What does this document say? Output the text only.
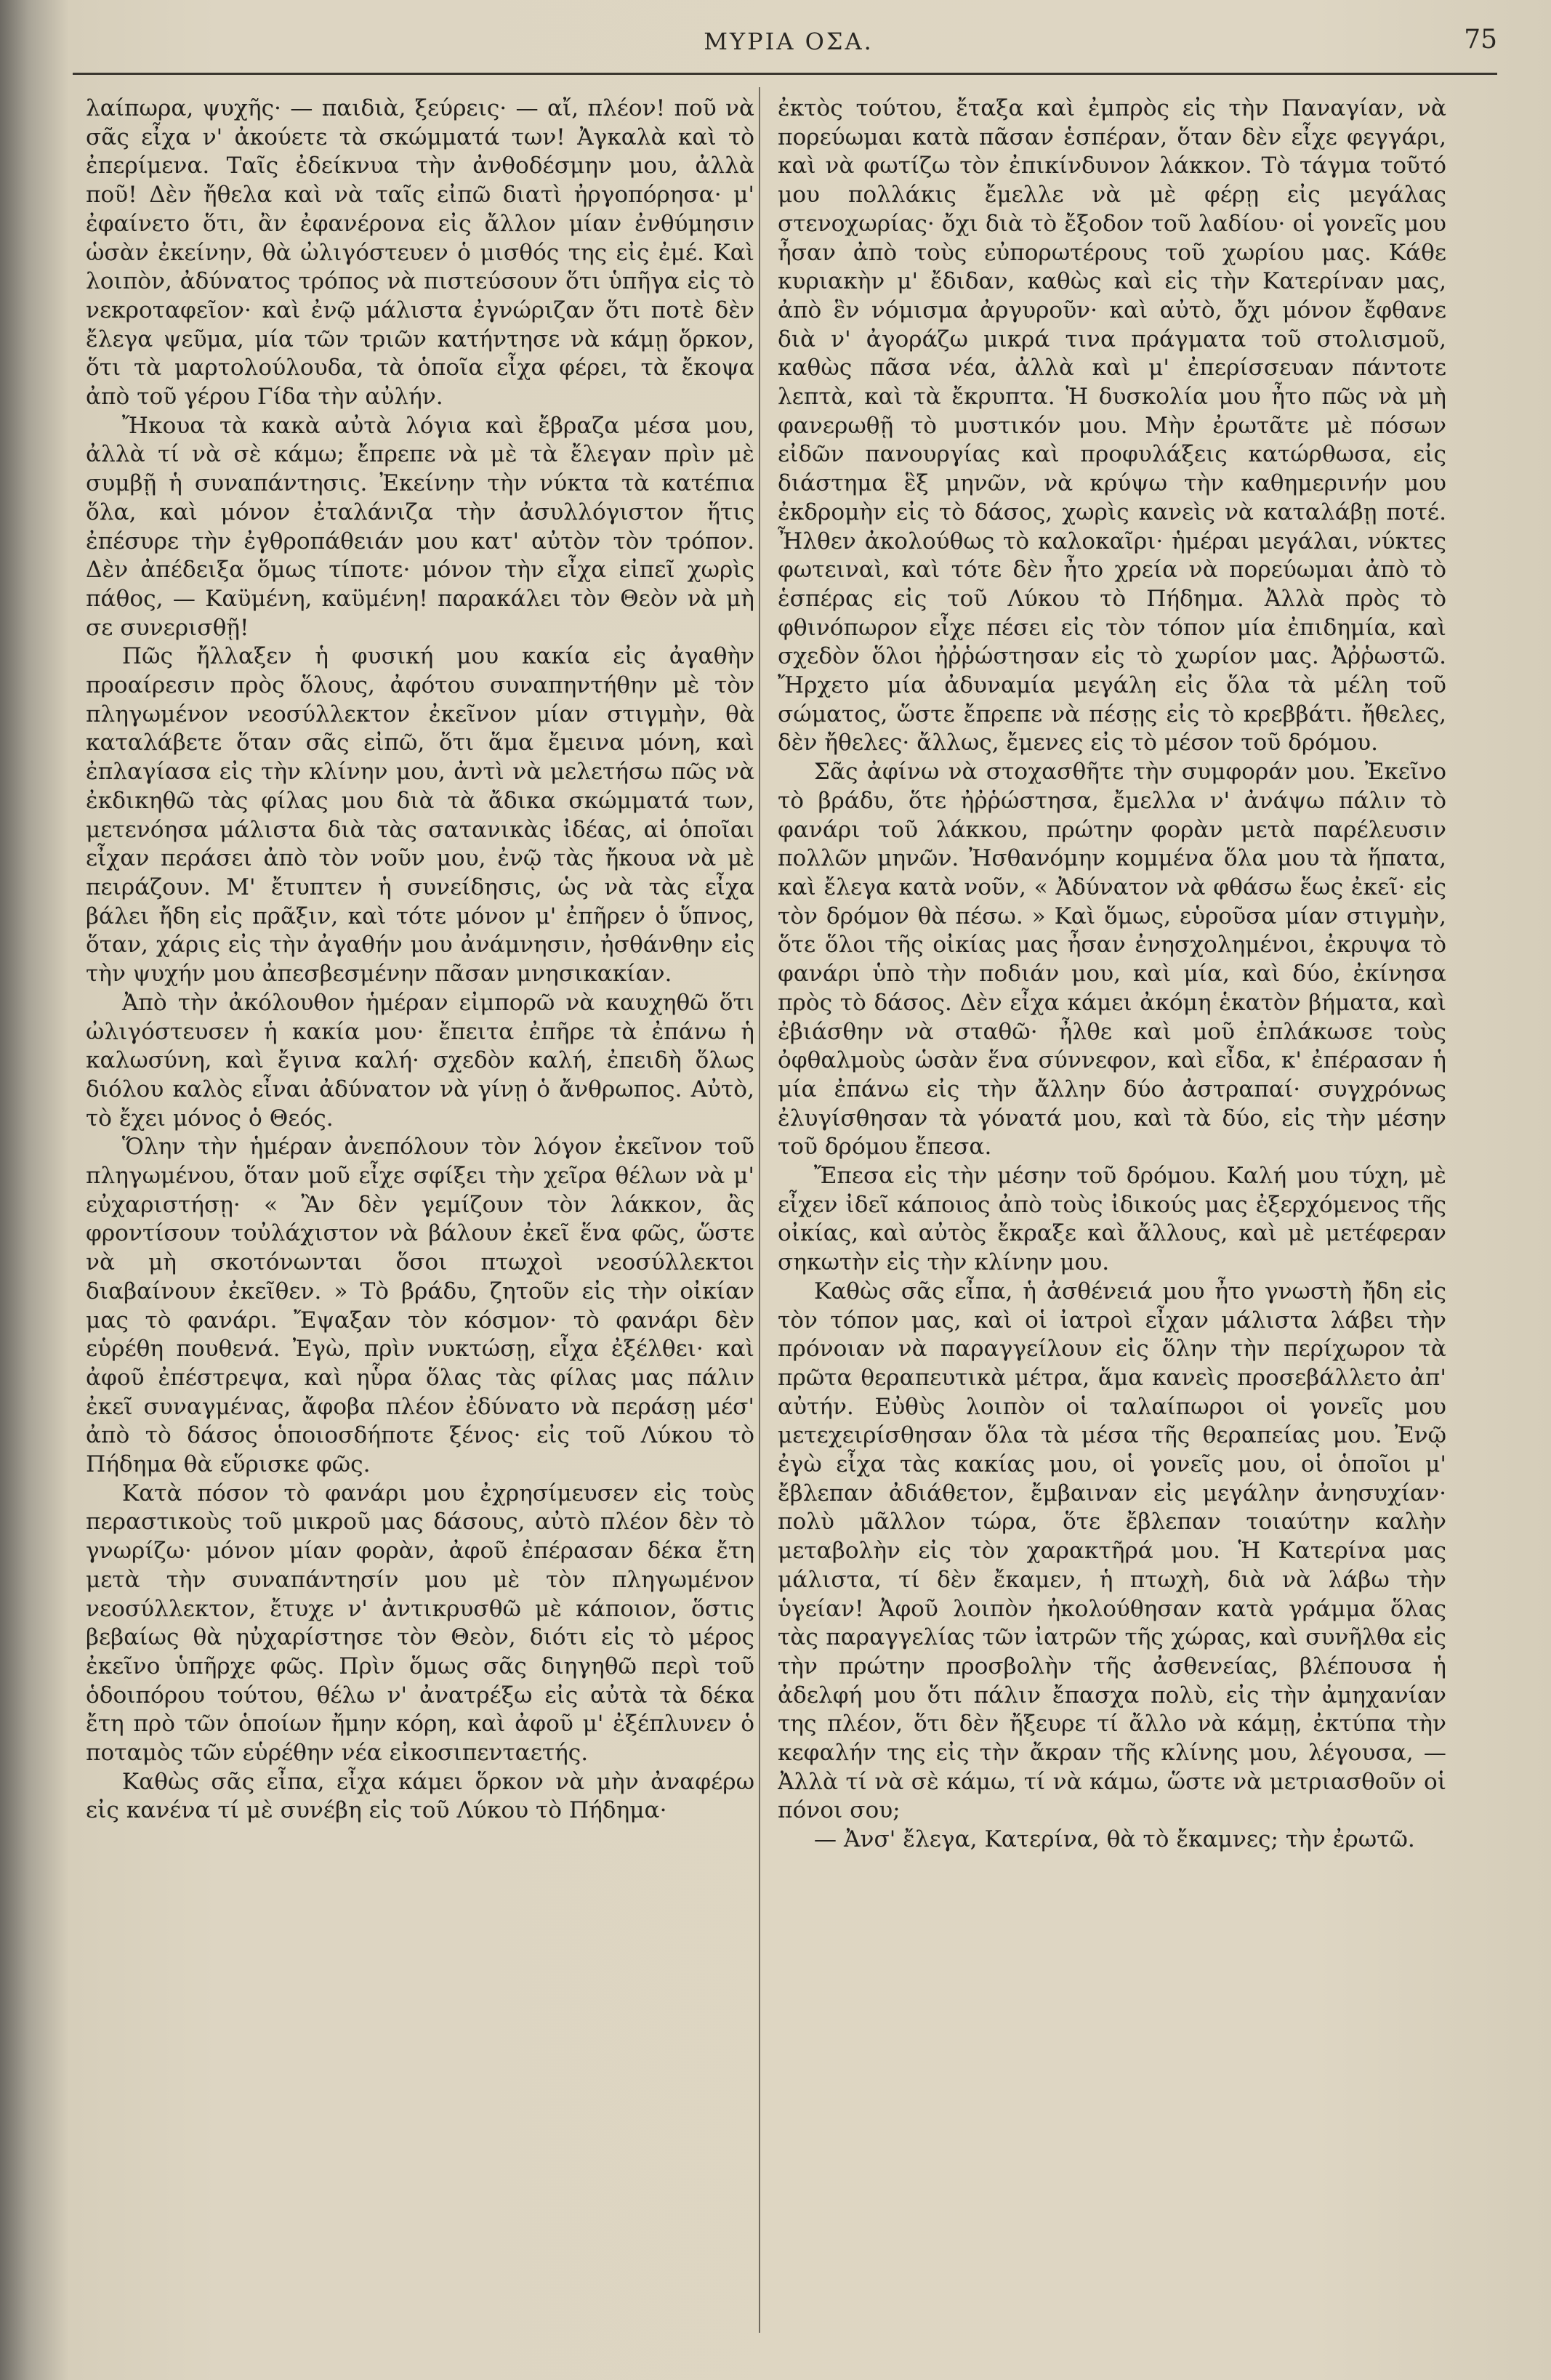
ΜΥΡΙΑ ΟΣΑ.	75

λαίπωρα, ψυχῆς· — παιδιὰ, ξεύρεις· — αἴ, πλέον! ποῦ νὰ σᾶς εἶχα ν' ἀκούετε τὰ σκώμματά των! Ἀγκαλὰ καὶ τὸ ἐπερίμενα. Ταῖς ἐδείκνυα τὴν ἀνθοδέσμην μου, ἀλλὰ ποῦ! Δὲν ἤθελα καὶ νὰ ταῖς εἰπῶ διατὶ ἠργοπόρησα· μ' ἐφαίνετο ὅτι, ἂν ἐφανέρονα εἰς ἄλλον μίαν ἐνθύμησιν ὡσὰν ἐκείνην, θὰ ὠλιγόστευεν ὁ μισθός της εἰς ἐμέ. Καὶ λοιπὸν, ἀδύνατος τρόπος νὰ πιστεύσουν ὅτι ὑπῆγα εἰς τὸ νεκροταφεῖον· καὶ ἐνῷ μάλιστα ἐγνώριζαν ὅτι ποτὲ δὲν ἔλεγα ψεῦμα, μία τῶν τριῶν κατήντησε νὰ κάμῃ ὅρκον, ὅτι τὰ μαρτολούλουδα, τὰ ὁποῖα εἶχα φέρει, τὰ ἔκοψα ἀπὸ τοῦ γέρου Γίδα τὴν αὐλήν.

Ἤκουα τὰ κακὰ αὐτὰ λόγια καὶ ἔβραζα μέσα μου, ἀλλὰ τί νὰ σὲ κάμω; ἔπρεπε νὰ μὲ τὰ ἔλεγαν πρὶν μὲ συμβῇ ἡ συναπάντησις. Ἐκείνην τὴν νύκτα τὰ κατέπια ὅλα, καὶ μόνον ἐταλάνιζα τὴν ἀσυλλόγιστον ἥτις ἐπέσυρε τὴν ἐγθροπάθειάν μου κατ' αὐτὸν τὸν τρόπον. Δὲν ἀπέδειξα ὅμως τίποτε· μόνον τὴν εἶχα εἰπεῖ χωρὶς πάθος, — Καϋμένη, καϋμένη! παρακάλει τὸν Θεὸν νὰ μὴ σε συνερισθῇ!

Πῶς ἤλλαξεν ἡ φυσική μου κακία εἰς ἀγαθὴν προαίρεσιν πρὸς ὅλους, ἀφότου συναπηντήθην μὲ τὸν πληγωμένον νεοσύλλεκτον ἐκεῖνον μίαν στιγμὴν, θὰ καταλάβετε ὅταν σᾶς εἰπῶ, ὅτι ἅμα ἔμεινα μόνη, καὶ ἐπλαγίασα εἰς τὴν κλίνην μου, ἀντὶ νὰ μελετήσω πῶς νὰ ἐκδικηθῶ τὰς φίλας μου διὰ τὰ ἄδικα σκώμματά των, μετενόησα μάλιστα διὰ τὰς σατανικὰς ἰδέας, αἱ ὁποῖαι εἶχαν περάσει ἀπὸ τὸν νοῦν μου, ἐνῷ τὰς ἤκουα νὰ μὲ πειράζουν. Μ' ἔτυπτεν ἡ συνείδησις, ὡς νὰ τὰς εἶχα βάλει ἤδη εἰς πρᾶξιν, καὶ τότε μόνον μ' ἐπῆρεν ὁ ὕπνος, ὅταν, χάρις εἰς τὴν ἀγαθήν μου ἀνάμνησιν, ἠσθάνθην εἰς τὴν ψυχήν μου ἀπεσβεσμένην πᾶσαν μνησικακίαν.

Ἀπὸ τὴν ἀκόλουθον ἡμέραν εἰμπορῶ νὰ καυχηθῶ ὅτι ὠλιγόστευσεν ἡ κακία μου· ἔπειτα ἐπῆρε τὰ ἐπάνω ἡ καλωσύνη, καὶ ἔγινα καλή· σχεδὸν καλή, ἐπειδὴ ὅλως διόλου καλὸς εἶναι ἀδύνατον νὰ γίνῃ ὁ ἄνθρωπος. Αὐτὸ, τὸ ἔχει μόνος ὁ Θεός.

Ὅλην τὴν ἡμέραν ἀνεπόλουν τὸν λόγον ἐκεῖνον τοῦ πληγωμένου, ὅταν μοῦ εἶχε σφίξει τὴν χεῖρα θέλων νὰ μ' εὐχαριστήσῃ· « Ἂν δὲν γεμίζουν τὸν λάκκον, ἂς φροντίσουν τοὐλάχιστον νὰ βάλουν ἐκεῖ ἕνα φῶς, ὥστε νὰ μὴ σκοτόνωνται ὅσοι πτωχοὶ νεοσύλλεκτοι διαβαίνουν ἐκεῖθεν. » Τὸ βράδυ, ζητοῦν εἰς τὴν οἰκίαν μας τὸ φανάρι. Ἔψαξαν τὸν κόσμον· τὸ φανάρι δὲν εὑρέθη πουθενά. Ἐγὼ, πρὶν νυκτώσῃ, εἶχα ἐξέλθει· καὶ ἀφοῦ ἐπέστρεψα, καὶ ηὗρα ὅλας τὰς φίλας μας πάλιν ἐκεῖ συναγμένας, ἄφοβα πλέον ἐδύνατο νὰ περάσῃ μέσ' ἀπὸ τὸ δάσος ὁποιοσδήποτε ξένος· εἰς τοῦ Λύκου τὸ Πήδημα θὰ εὕρισκε φῶς.

Κατὰ πόσον τὸ φανάρι μου ἐχρησίμευσεν εἰς τοὺς περαστικοὺς τοῦ μικροῦ μας δάσους, αὐτὸ πλέον δὲν τὸ γνωρίζω· μόνον μίαν φορὰν, ἀφοῦ ἐπέρασαν δέκα ἔτη μετὰ τὴν συναπάντησίν μου μὲ τὸν πληγωμένον νεοσύλλεκτον, ἔτυχε ν' ἀντικρυσθῶ μὲ κάποιον, ὅστις βεβαίως θὰ ηὐχαρίστησε τὸν Θεὸν, διότι εἰς τὸ μέρος ἐκεῖνο ὑπῆρχε φῶς. Πρὶν ὅμως σᾶς διηγηθῶ περὶ τοῦ ὁδοιπόρου τούτου, θέλω ν' ἀνατρέξω εἰς αὐτὰ τὰ δέκα ἔτη πρὸ τῶν ὁποίων ἤμην κόρη, καὶ ἀφοῦ μ' ἐξέπλυνεν ὁ ποταμὸς τῶν εὑρέθην νέα εἰκοσιπενταετής.

Καθὼς σᾶς εἶπα, εἶχα κάμει ὅρκον νὰ μὴν ἀναφέρω εἰς κανένα τί μὲ συνέβη εἰς τοῦ Λύκου τὸ Πήδημα·

ἐκτὸς τούτου, ἔταξα καὶ ἐμπρὸς εἰς τὴν Παναγίαν, νὰ πορεύωμαι κατὰ πᾶσαν ἑσπέραν, ὅταν δὲν εἶχε φεγγάρι, καὶ νὰ φωτίζω τὸν ἐπικίνδυνον λάκκον. Τὸ τάγμα τοῦτό μου πολλάκις ἔμελλε νὰ μὲ φέρῃ εἰς μεγάλας στενοχωρίας· ὄχι διὰ τὸ ἔξοδον τοῦ λαδίου· οἱ γονεῖς μου ἦσαν ἀπὸ τοὺς εὐπορωτέρους τοῦ χωρίου μας. Κάθε κυριακὴν μ' ἔδιδαν, καθὼς καὶ εἰς τὴν Κατερίναν μας, ἀπὸ ἓν νόμισμα ἀργυροῦν· καὶ αὐτὸ, ὄχι μόνον ἔφθανε διὰ ν' ἀγοράζω μικρά τινα πράγματα τοῦ στολισμοῦ, καθὼς πᾶσα νέα, ἀλλὰ καὶ μ' ἐπερίσσευαν πάντοτε λεπτὰ, καὶ τὰ ἔκρυπτα. Ἡ δυσκολία μου ἦτο πῶς νὰ μὴ φανερωθῇ τὸ μυστικόν μου. Μὴν ἐρωτᾶτε μὲ πόσων εἰδῶν πανουργίας καὶ προφυλάξεις κατώρθωσα, εἰς διάστημα ἓξ μηνῶν, νὰ κρύψω τὴν καθημερινήν μου ἐκδρομὴν εἰς τὸ δάσος, χωρὶς κανεὶς νὰ καταλάβῃ ποτέ. Ἦλθεν ἀκολούθως τὸ καλοκαῖρι· ἡμέραι μεγάλαι, νύκτες φωτειναὶ, καὶ τότε δὲν ἦτο χρεία νὰ πορεύωμαι ἀπὸ τὸ ἑσπέρας εἰς τοῦ Λύκου τὸ Πήδημα. Ἀλλὰ πρὸς τὸ φθινόπωρον εἶχε πέσει εἰς τὸν τόπον μία ἐπιδημία, καὶ σχεδὸν ὅλοι ἠῤῥώστησαν εἰς τὸ χωρίον μας. Ἀῤῥωστῶ. Ἤρχετο μία ἀδυναμία μεγάλη εἰς ὅλα τὰ μέλη τοῦ σώματος, ὥστε ἔπρεπε νὰ πέσῃς εἰς τὸ κρεββάτι. ἤθελες, δὲν ἤθελες· ἄλλως, ἔμενες εἰς τὸ μέσον τοῦ δρόμου.

Σᾶς ἀφίνω νὰ στοχασθῆτε τὴν συμφοράν μου. Ἐκεῖνο τὸ βράδυ, ὅτε ἠῤῥώστησα, ἔμελλα ν' ἀνάψω πάλιν τὸ φανάρι τοῦ λάκκου, πρώτην φορὰν μετὰ παρέλευσιν πολλῶν μηνῶν. Ἠσθανόμην κομμένα ὅλα μου τὰ ἥπατα, καὶ ἔλεγα κατὰ νοῦν, « Ἀδύνατον νὰ φθάσω ἕως ἐκεῖ· εἰς τὸν δρόμον θὰ πέσω. » Καὶ ὅμως, εὑροῦσα μίαν στιγμὴν, ὅτε ὅλοι τῆς οἰκίας μας ἦσαν ἐνησχολημένοι, ἐκρυψα τὸ φανάρι ὑπὸ τὴν ποδιάν μου, καὶ μία, καὶ δύο, ἐκίνησα πρὸς τὸ δάσος. Δὲν εἶχα κάμει ἀκόμη ἑκατὸν βήματα, καὶ ἐβιάσθην νὰ σταθῶ· ἦλθε καὶ μοῦ ἐπλάκωσε τοὺς ὀφθαλμοὺς ὡσὰν ἕνα σύννεφον, καὶ εἶδα, κ' ἐπέρασαν ἡ μία ἐπάνω εἰς τὴν ἄλλην δύο ἀστραπαί· συγχρόνως ἐλυγίσθησαν τὰ γόνατά μου, καὶ τὰ δύο, εἰς τὴν μέσην τοῦ δρόμου ἔπεσα.

Ἔπεσα εἰς τὴν μέσην τοῦ δρόμου. Καλή μου τύχη, μὲ εἶχεν ἰδεῖ κάποιος ἀπὸ τοὺς ἰδικούς μας ἐξερχόμενος τῆς οἰκίας, καὶ αὐτὸς ἔκραξε καὶ ἄλλους, καὶ μὲ μετέφεραν σηκωτὴν εἰς τὴν κλίνην μου.

Καθὼς σᾶς εἶπα, ἡ ἀσθένειά μου ἦτο γνωστὴ ἤδη εἰς τὸν τόπον μας, καὶ οἱ ἰατροὶ εἶχαν μάλιστα λάβει τὴν πρόνοιαν νὰ παραγγείλουν εἰς ὅλην τὴν περίχωρον τὰ πρῶτα θεραπευτικὰ μέτρα, ἅμα κανεὶς προσεβάλλετο ἀπ' αὐτήν. Εὐθὺς λοιπὸν οἱ ταλαίπωροι οἱ γονεῖς μου μετεχειρίσθησαν ὅλα τὰ μέσα τῆς θεραπείας μου. Ἐνῷ ἐγὼ εἶχα τὰς κακίας μου, οἱ γονεῖς μου, οἱ ὁποῖοι μ' ἔβλεπαν ἀδιάθετον, ἔμβαιναν εἰς μεγάλην ἀνησυχίαν· πολὺ μᾶλλον τώρα, ὅτε ἔβλεπαν τοιαύτην καλὴν μεταβολὴν εἰς τὸν χαρακτῆρά μου. Ἡ Κατερίνα μας μάλιστα, τί δὲν ἔκαμεν, ἡ πτωχὴ, διὰ νὰ λάβω τὴν ὑγείαν! Ἀφοῦ λοιπὸν ἠκολούθησαν κατὰ γράμμα ὅλας τὰς παραγγελίας τῶν ἰατρῶν τῆς χώρας, καὶ συνῆλθα εἰς τὴν πρώτην προσβολὴν τῆς ἀσθενείας, βλέπουσα ἡ ἀδελφή μου ὅτι πάλιν ἔπασχα πολὺ, εἰς τὴν ἀμηχανίαν της πλέον, ὅτι δὲν ἤξευρε τί ἄλλο νὰ κάμῃ, ἐκτύπα τὴν κεφαλήν της εἰς τὴν ἄκραν τῆς κλίνης μου, λέγουσα, — Ἀλλὰ τί νὰ σὲ κάμω, τί νὰ κάμω, ὥστε νὰ μετριασθοῦν οἱ πόνοι σου;

— Ἀνσ' ἔλεγα, Κατερίνα, θὰ τὸ ἔκαμνες; τὴν ἐρωτῶ.
